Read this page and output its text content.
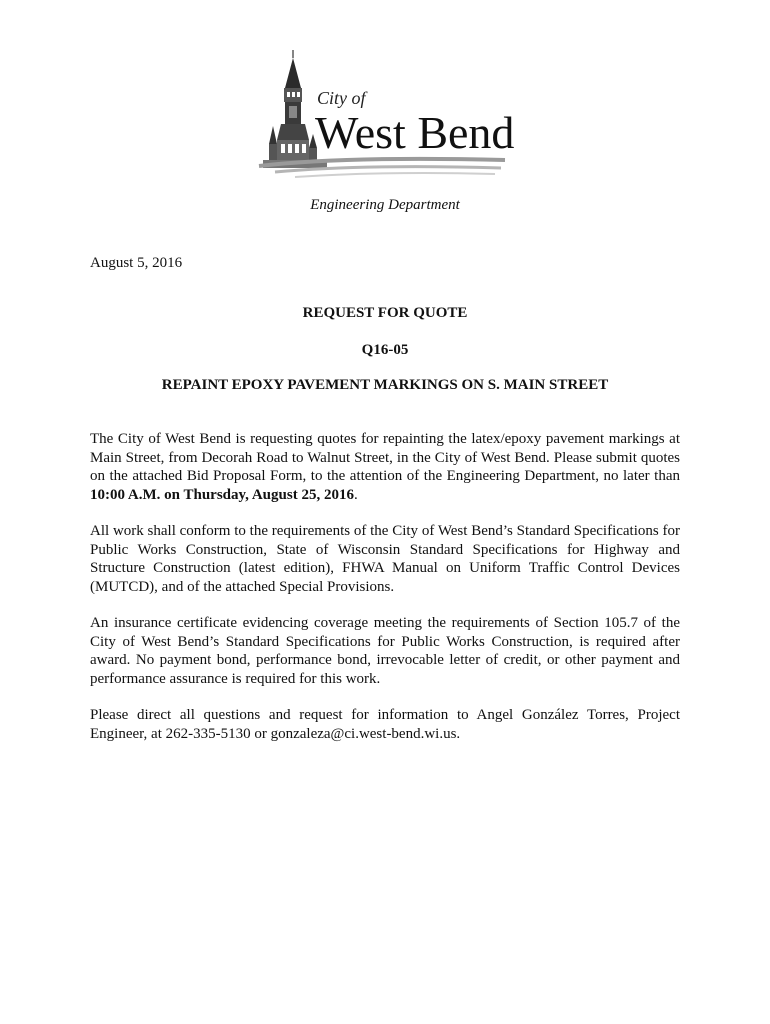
City of
West Bend
Engineering Department
August 5, 2016
REQUEST FOR QUOTE
Q16-05
REPAINT EPOXY PAVEMENT MARKINGS ON S. MAIN STREET

The City of West Bend is requesting quotes for repainting the latex/epoxy pavement markings at Main Street, from Decorah Road to Walnut Street, in the City of West Bend. Please submit quotes on the attached Bid Proposal Form, to the attention of the Engineering Department, no later than 10:00 A.M. on Thursday, August 25, 2016.

All work shall conform to the requirements of the City of West Bend’s Standard Specifications for Public Works Construction, State of Wisconsin Standard Specifications for Highway and Structure Construction (latest edition), FHWA Manual on Uniform Traffic Control Devices (MUTCD), and of the attached Special Provisions.

An insurance certificate evidencing coverage meeting the requirements of Section 105.7 of the City of West Bend’s Standard Specifications for Public Works Construction, is required after award. No payment bond, performance bond, irrevocable letter of credit, or other payment and performance assurance is required for this work.

Please direct all questions and request for information to Angel González Torres, Project Engineer, at 262-335-5130 or gonzaleza@ci.west-bend.wi.us.
